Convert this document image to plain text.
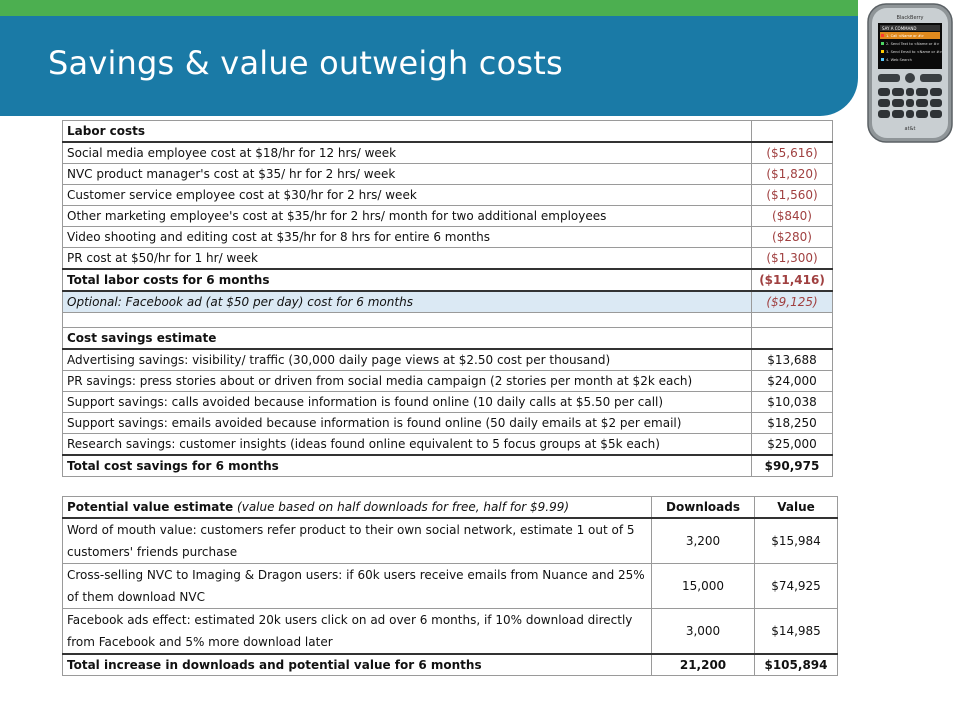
Savings & value outweigh costs
BlackBerry
SAY A COMMAND
1. Call <Name or #>
2. Send Text to <Name or #>
3. Send Email to <Name or #>
4. Web Search
at&t
Labor costs	
Social media employee cost at $18/hr for 12 hrs/ week	($5,616)
NVC product manager's cost at $35/ hr for 2 hrs/ week	($1,820)
Customer service employee cost at $30/hr for 2 hrs/ week	($1,560)
Other marketing employee's cost at $35/hr for 2 hrs/ month for two additional employees	($840)
Video shooting and editing cost at $35/hr for 8 hrs for entire 6 months	($280)
PR cost at $50/hr for 1 hr/ week	($1,300)
Total labor costs for 6 months	($11,416)
Optional: Facebook ad (at $50 per day) cost for 6 months	($9,125)

Cost savings estimate	
Advertising savings: visibility/ traffic (30,000 daily page views at $2.50 cost per thousand)	$13,688
PR savings: press stories about or driven from social media campaign (2 stories per month at $2k each)	$24,000
Support savings: calls avoided because information is found online (10 daily calls at $5.50 per call)	$10,038
Support savings: emails avoided because information is found online (50 daily emails at $2 per email)	$18,250
Research savings: customer insights (ideas found online equivalent to 5 focus groups at $5k each)	$25,000
Total cost savings for 6 months	$90,975
Potential value estimate (value based on half downloads for free, half for $9.99)	Downloads	Value
Word of mouth value: customers refer product to their own social network, estimate 1 out of 5 customers' friends purchase	3,200	$15,984
Cross-selling NVC to Imaging & Dragon users: if 60k users receive emails from Nuance and 25% of them download NVC	15,000	$74,925
Facebook ads effect: estimated 20k users click on ad over 6 months, if 10% download directly from Facebook and 5% more download later	3,000	$14,985
Total increase in downloads and potential value for 6 months	21,200	$105,894
